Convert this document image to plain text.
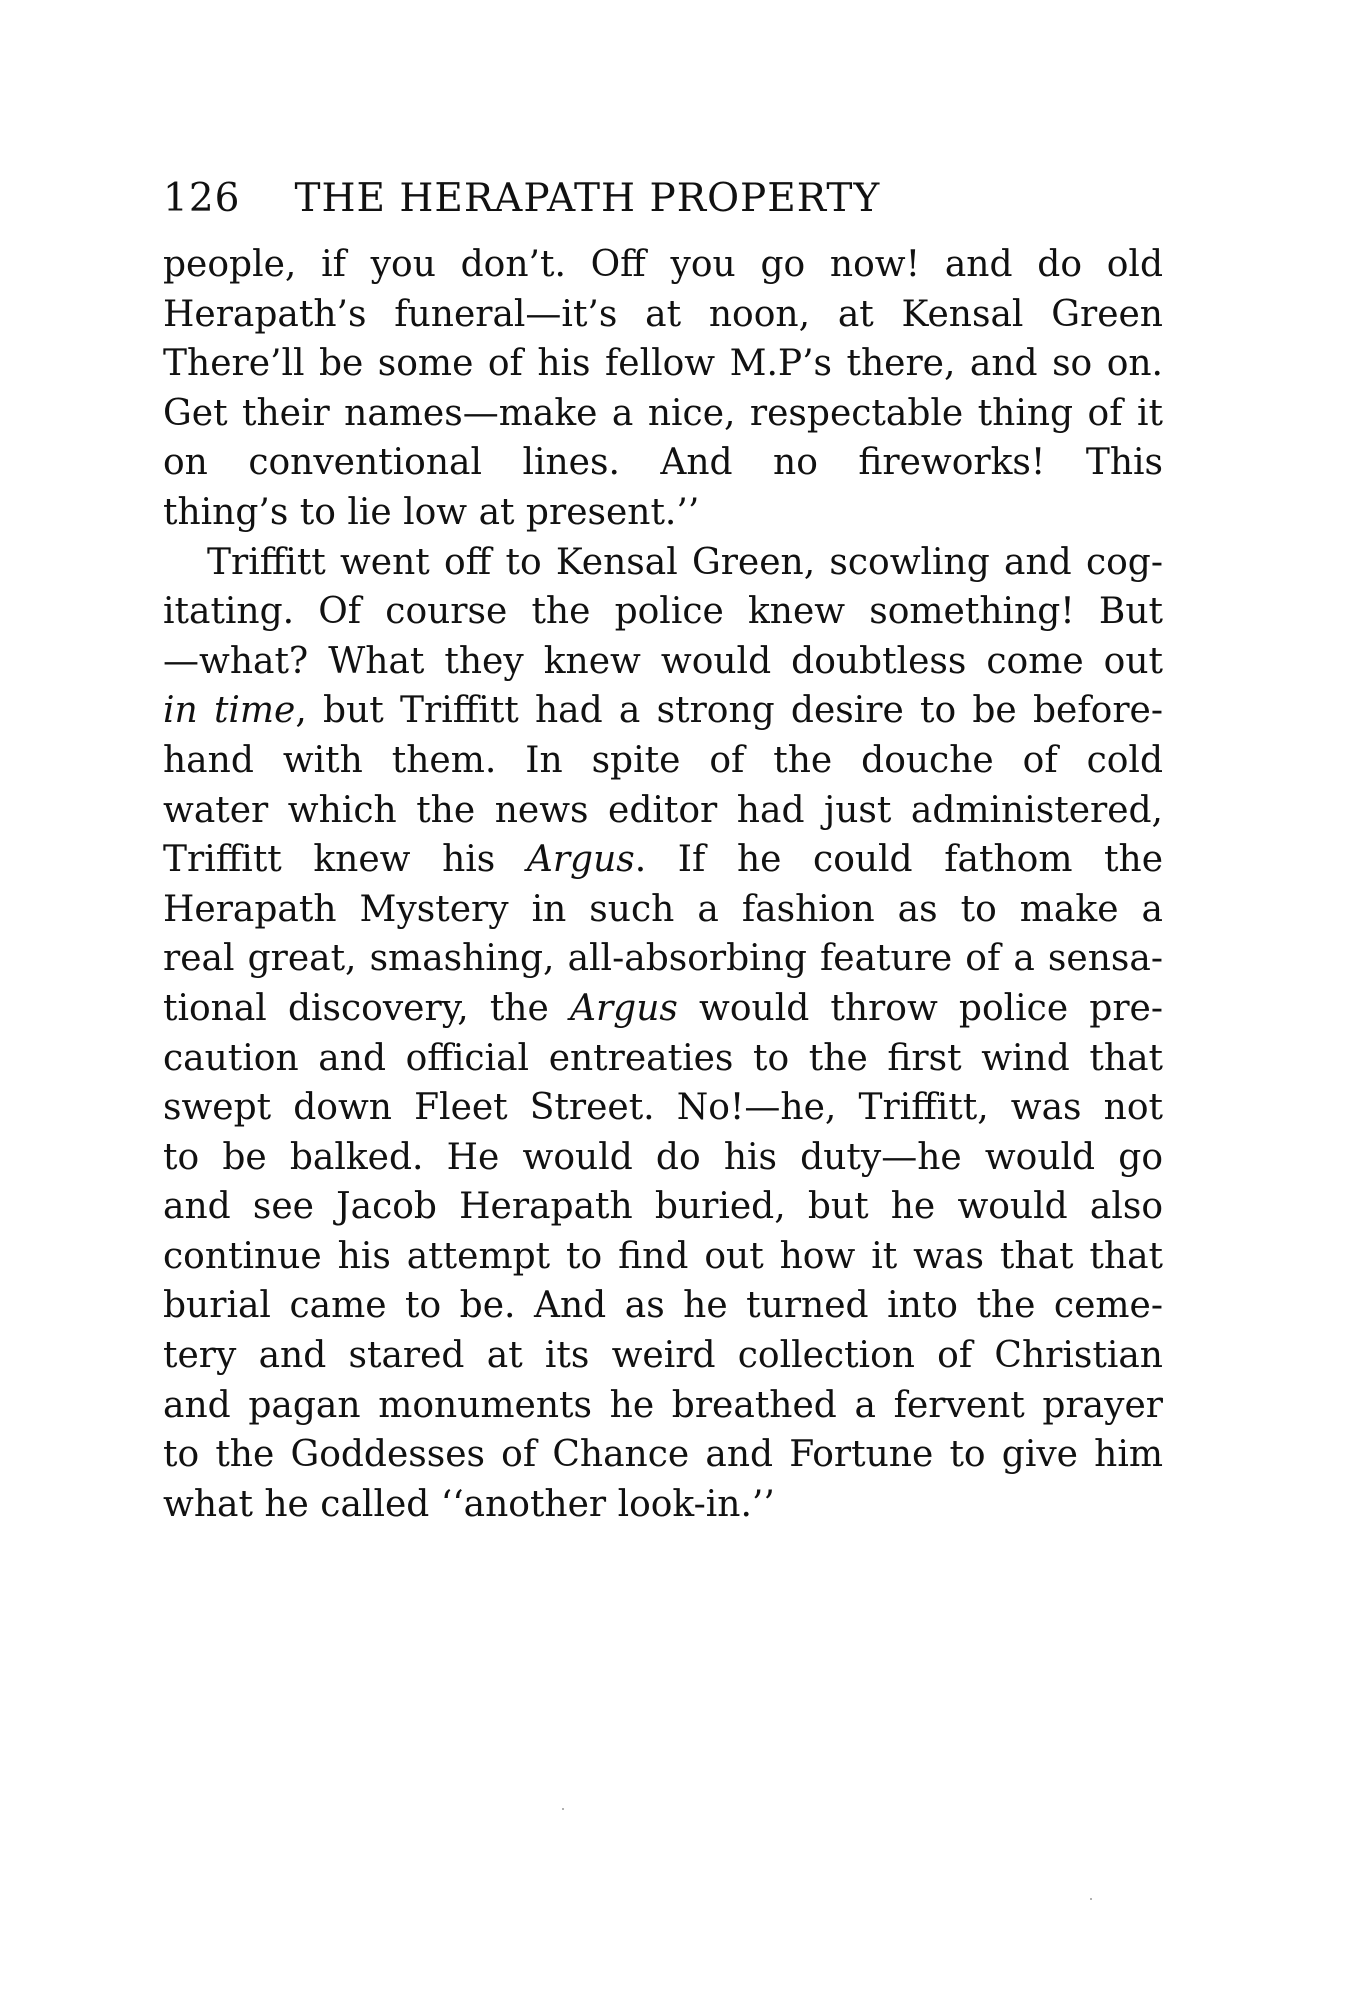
126 THE HERAPATH PROPERTY
people, if you don’t. Off you go now! and do old
Herapath’s funeral—it’s at noon, at Kensal Green
There’ll be some of his fellow M.P’s there, and so on.
Get their names—make a nice, respectable thing of it
on conventional lines. And no fireworks! This
thing’s to lie low at present.’’
Triffitt went off to Kensal Green, scowling and cog-
itating. Of course the police knew something! But
—what? What they knew would doubtless come out
in time, but Triffitt had a strong desire to be before-
hand with them. In spite of the douche of cold
water which the news editor had just administered,
Triffitt knew his Argus. If he could fathom the
Herapath Mystery in such a fashion as to make a
real great, smashing, all-absorbing feature of a sensa-
tional discovery, the Argus would throw police pre-
caution and official entreaties to the first wind that
swept down Fleet Street. No!—he, Triffitt, was not
to be balked. He would do his duty—he would go
and see Jacob Herapath buried, but he would also
continue his attempt to find out how it was that that
burial came to be. And as he turned into the ceme-
tery and stared at its weird collection of Christian
and pagan monuments he breathed a fervent prayer
to the Goddesses of Chance and Fortune to give him
what he called ‘‘another look-in.’’
